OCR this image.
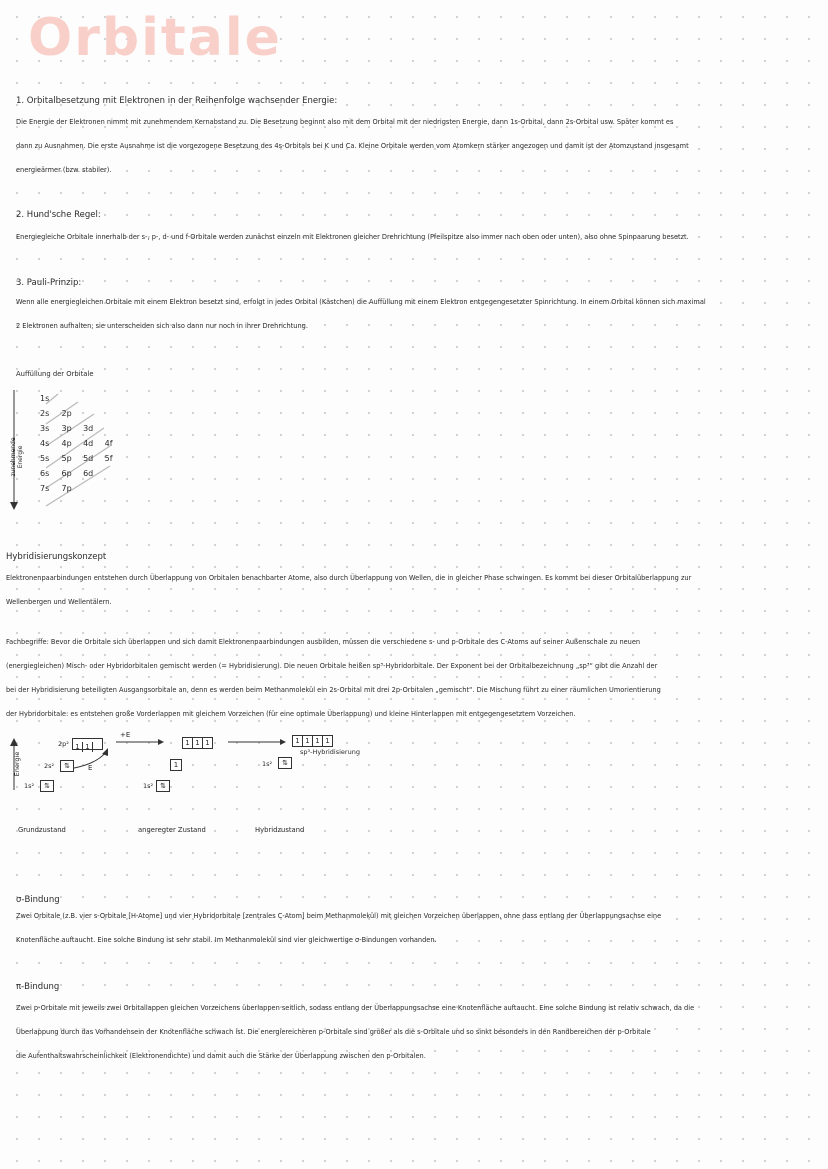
Orbitale
1. Orbitalbesetzung mit Elektronen in der Reihenfolge wachsender Energie:
Die Energie der Elektronen nimmt mit zunehmendem Kernabstand zu. Die Besetzung beginnt also mit dem Orbital mit der niedrigsten Energie, dann 1s-Orbital, dann 2s-Orbital usw. Später kommt es
dann zu Ausnahmen. Die erste Ausnahme ist die vorgezogene Besetzung des 4s-Orbitals bei K und Ca. Kleine Orbitale werden vom Atomkern stärker angezogen und damit ist der Atomzustand insgesamt
energieärmer (bzw. stabiler).
2. Hund'sche Regel:
Energiegleiche Orbitale innerhalb der s-, p-, d- und f-Orbitale werden zunächst einzeln mit Elektronen gleicher Drehrichtung (Pfeilspitze also immer nach oben oder unten), also ohne Spinpaarung besetzt.
3. Pauli-Prinzip:
Wenn alle energiegleichen Orbitale mit einem Elektron besetzt sind, erfolgt in jedes Orbital (Kästchen) die Auffüllung mit einem Elektron entgegengesetzter Spinrichtung. In einem Orbital können sich maximal
2 Elektronen aufhalten; sie unterscheiden sich also dann nur noch in ihrer Drehrichtung.
Auffüllung der Orbitale
zunehmende Energie
1s
2s 2p
3s 3p 3d
4s 4p 4d 4f
5s 5p 5d 5f
6s 6p 6d
7s 7p
Hybridisierungskonzept
Elektronenpaarbindungen entstehen durch Überlappung von Orbitalen benachbarter Atome, also durch Überlappung von Wellen, die in gleicher Phase schwingen. Es kommt bei dieser Orbitalüberlappung zur
Wellenbergen und Wellentälern.
Fachbegriffe: Bevor die Orbitale sich überlappen und sich damit Elektronenpaarbindungen ausbilden, müssen die verschiedene s- und p-Orbitale des C-Atoms auf seiner Außenschale zu neuen
(energiegleichen) Misch- oder Hybridorbitalen gemischt werden (= Hybridisierung). Die neuen Orbitale heißen sp³-Hybridorbitale. Der Exponent bei der Orbitalbezeichnung „sp³“ gibt die Anzahl der
bei der Hybridisierung beteiligten Ausgangsorbitale an, denn es werden beim Methanmolekül ein 2s-Orbital mit drei 2p-Orbitalen „gemischt“. Die Mischung führt zu einer räumlichen Umorientierung
der Hybridorbitale: es entstehen große Vorderlappen mit gleichem Vorzeichen (für eine optimale Überlappung) und kleine Hinterlappen mit entgegengesetztem Vorzeichen.
Energie
2p² 1 1
2s²	⇅
1s²	⇅
+E
E
1 1 1
1
1s² ⇅
1 1 1 1
sp³-Hybridisierung
1s²	⇅
Grundzustand	angeregter Zustand	Hybridzustand
σ-Bindung
Zwei Orbitale (z.B. vier s-Orbitale [H-Atome] und vier Hybridorbitale [zentrales C-Atom] beim Methanmolekül) mit gleichen Vorzeichen überlappen, ohne dass entlang der Überlappungsachse eine
Knotenfläche auftaucht. Eine solche Bindung ist sehr stabil. Im Methanmolekül sind vier gleichwertige σ-Bindungen vorhanden.
π-Bindung
Zwei p-Orbitale mit jeweils zwei Orbitallappen gleichen Vorzeichens überlappen seitlich, sodass entlang der Überlappungsachse eine Knotenfläche auftaucht. Eine solche Bindung ist relativ schwach, da die
Überlappung durch das Vorhandensein der Knotenfläche schwach ist. Die energiereicheren p-Orbitale sind größer als die s-Orbitale und so sinkt besonders in den Randbereichen der p-Orbitale
die Aufenthaltswahrscheinlichkeit (Elektronendichte) und damit auch die Stärke der Überlappung zwischen den p-Orbitalen.
